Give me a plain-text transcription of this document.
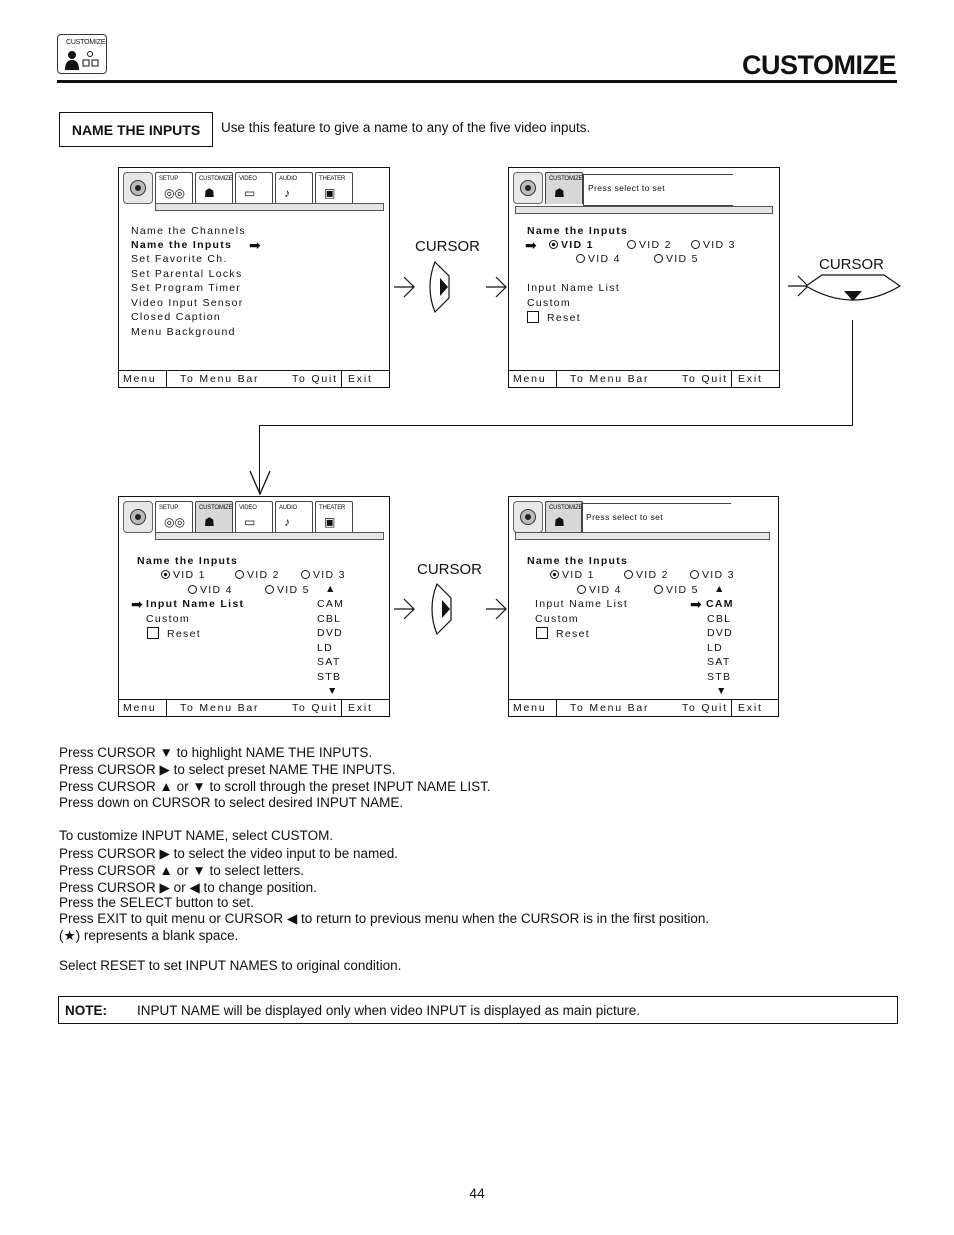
CUSTOMIZE
CUSTOMIZE
NAME THE INPUTS	Use this feature to give a name to any of the five video inputs.
SETUP
◎◎
CUSTOMIZE
☗
VIDEO
▭
AUDIO
♪
THEATER
▣
Name the Channels
Name the Inputs ➡
Set Favorite Ch.
Set Parental Locks
Set Program Timer
Video Input Sensor
Closed Caption
Menu Background
Menu To Menu Bar	To Quit Exit
CUSTOMIZE
☗	Press select to set
Name the Inputs
➡	VID 1	VID 2	VID 3
VID 4	VID 5
Input Name List
Custom
Reset
Menu To Menu Bar	To Quit Exit
SETUP
◎◎
CUSTOMIZE
☗
VIDEO
▭
AUDIO
♪
THEATER
▣
Name the Inputs
VID 1	VID 2	VID 3
VID 4	VID 5 ▲
➡ Input Name List
Custom
Reset
CAM
CBL
DVD
LD
SAT
STB
▼
Menu To Menu Bar	To Quit Exit
CUSTOMIZE
☗	Press select to set
Name the Inputs
VID 1	VID 2	VID 3
VID 4	VID 5 ▲
Input Name List
Custom
Reset
➡ CAM
CBL
DVD
LD
SAT
STB
▼
Menu To Menu Bar	To Quit Exit
CURSOR
CURSOR
CURSOR
Press CURSOR ▼ to highlight NAME THE INPUTS.
Press CURSOR ▶ to select preset NAME THE INPUTS.
Press CURSOR ▲ or ▼ to scroll through the preset INPUT NAME LIST.
Press down on CURSOR to select desired INPUT NAME.
To customize INPUT NAME, select CUSTOM.
Press CURSOR ▶ to select the video input to be named.
Press CURSOR ▲ or ▼ to select letters.
Press CURSOR ▶ or ◀ to change position.
Press the SELECT button to set.
Press EXIT to quit menu or CURSOR ◀ to return to previous menu when the CURSOR is in the first position.
(★) represents a blank space.
Select RESET to set INPUT NAMES to original condition.
NOTE: INPUT NAME will be displayed only when video INPUT is displayed as main picture.
44
